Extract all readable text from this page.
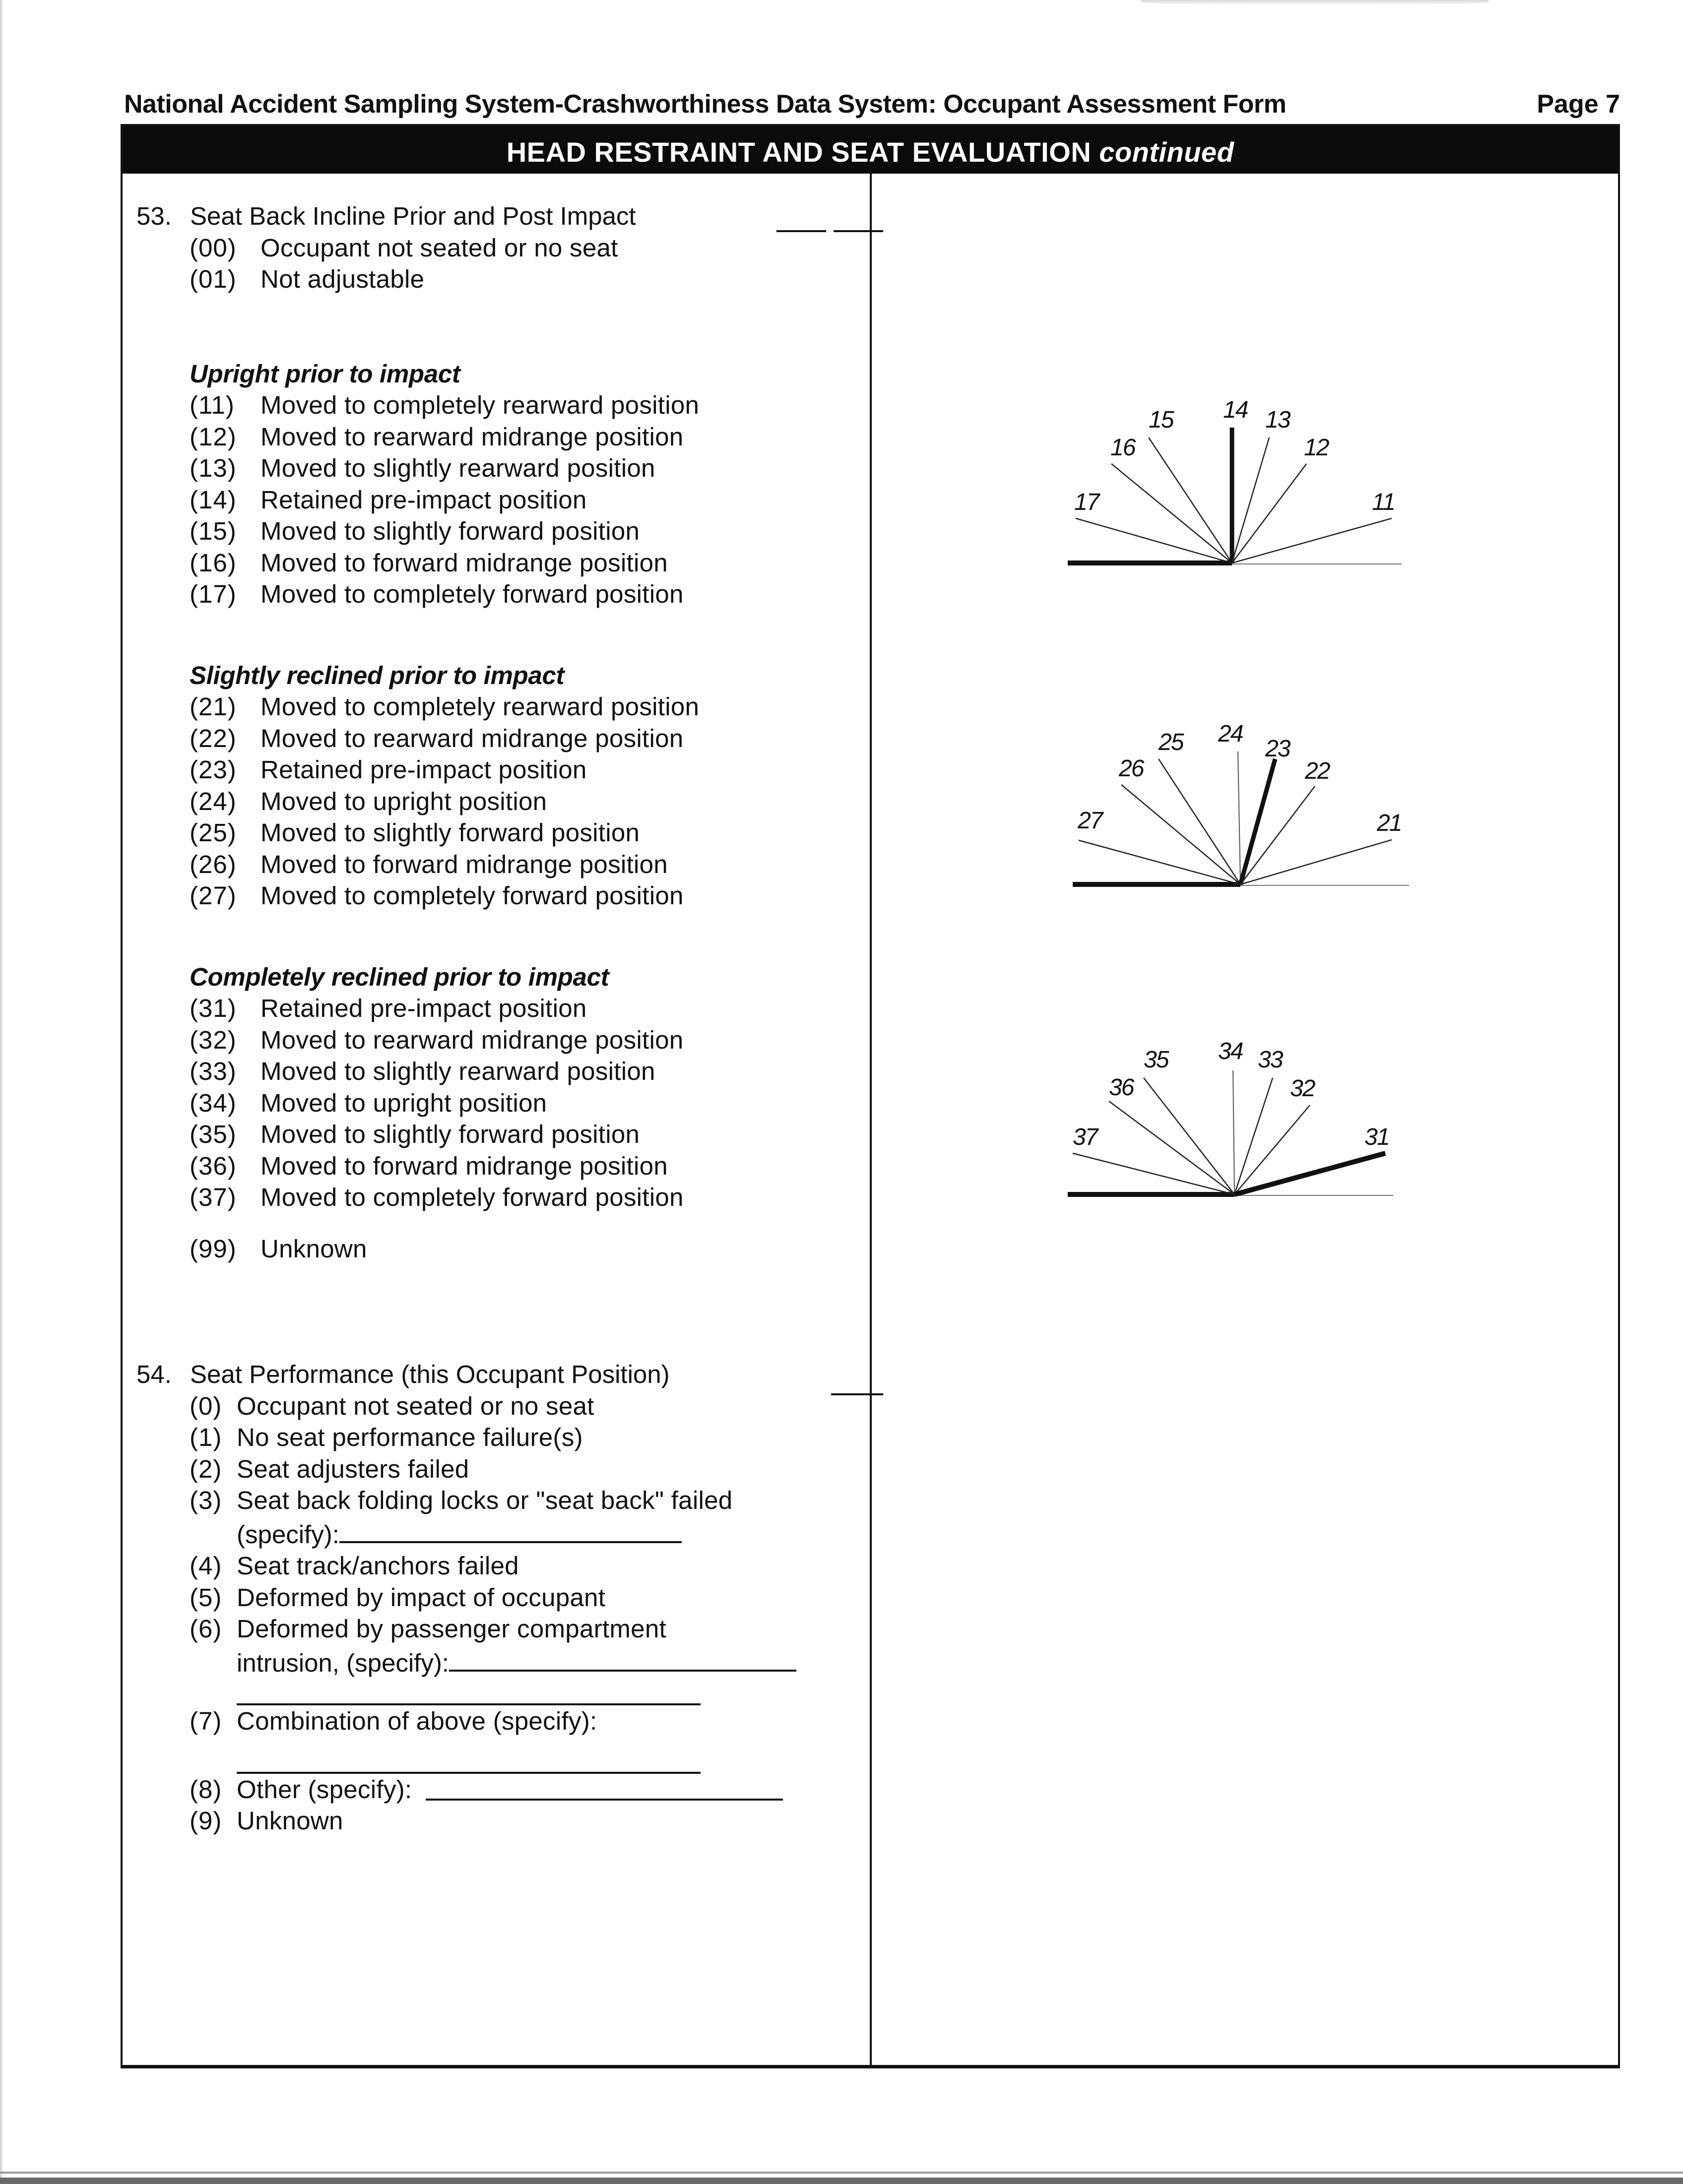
National Accident Sampling System-Crashworthiness Data System: Occupant Assessment Form	Page 7
HEAD RESTRAINT AND SEAT EVALUATION continued
53. Seat Back Incline Prior and Post Impact
(00) Occupant not seated or no seat
(01) Not adjustable
Upright prior to impact
(11)	Moved to completely rearward position
(12) Moved to rearward midrange position
(13) Moved to slightly rearward position
(14) Retained pre-impact position
(15) Moved to slightly forward position
(16) Moved to forward midrange position
(17) Moved to completely forward position
Slightly reclined prior to impact
(21) Moved to completely rearward position
(22) Moved to rearward midrange position
(23) Retained pre-impact position
(24) Moved to upright position
(25) Moved to slightly forward position
(26) Moved to forward midrange position
(27) Moved to completely forward position
Completely reclined prior to impact
(31) Retained pre-impact position
(32) Moved to rearward midrange position
(33) Moved to slightly rearward position
(34) Moved to upright position
(35) Moved to slightly forward position
(36) Moved to forward midrange position
(37) Moved to completely forward position
(99) Unknown
54. Seat Performance (this Occupant Position)
(0) Occupant not seated or no seat
(1) No seat performance failure(s)
(2) Seat adjusters failed
(3) Seat back folding locks or "seat back" failed
(specify):
(4) Seat track/anchors failed
(5) Deformed by impact of occupant
(6) Deformed by passenger compartment
intrusion, (specify):
(7) Combination of above (specify):
(8) Other (specify):
(9) Unknown
17
16
15 14 13
12
11
27
26
25 24
23
22
21
37
36
35 34 33
32
31
